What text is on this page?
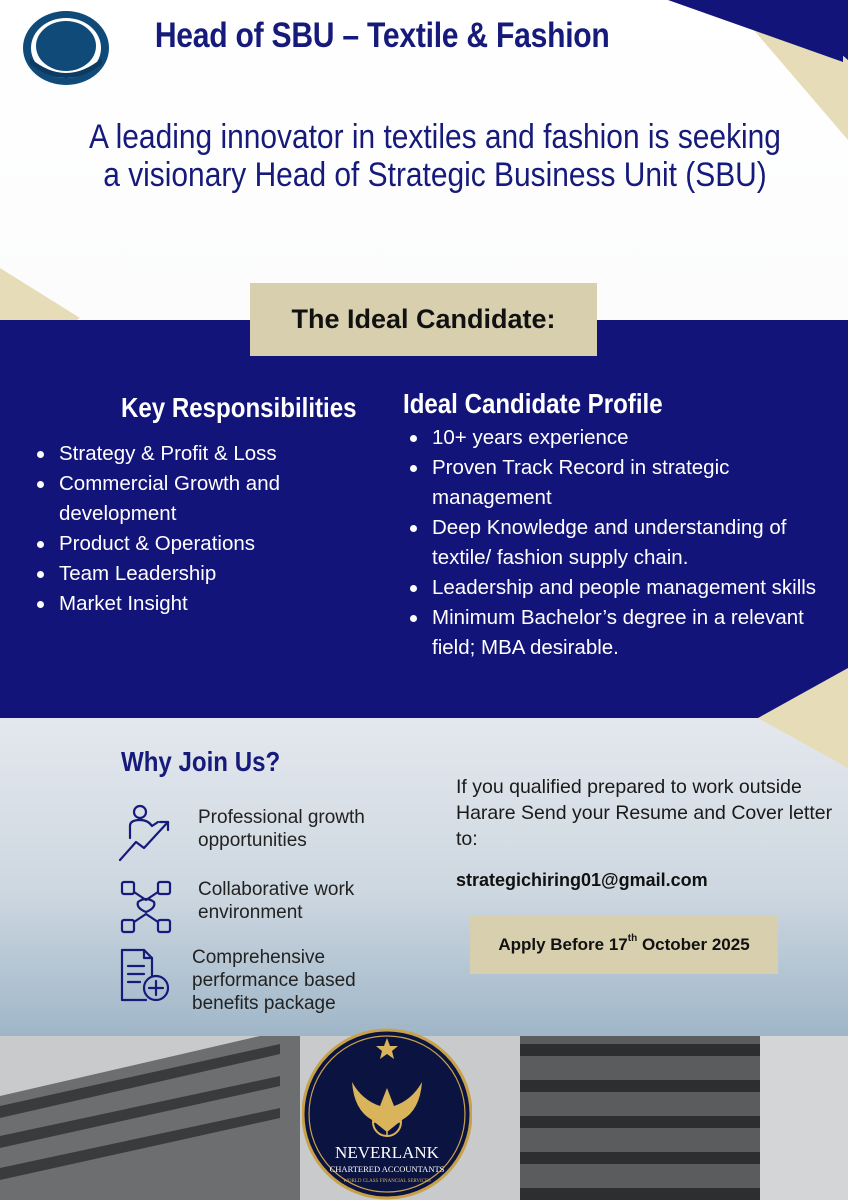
Head of SBU – Textile & Fashion
A leading innovator in textiles and fashion is seeking a visionary Head of Strategic Business Unit (SBU)
The Ideal Candidate:
Key Responsibilities Ideal Candidate Profile
Strategy & Profit & Loss
Commercial Growth and development
Product & Operations
Team Leadership
Market Insight
10+ years experience
Proven Track Record in strategic management
Deep Knowledge and understanding of textile/ fashion supply chain.
Leadership and people management skills
Minimum Bachelor’s degree in a relevant field; MBA desirable.
Why Join Us?
Professional growth opportunities
Collaborative work environment
Comprehensive performance based benefits package
If you qualified prepared to work outside Harare Send your Resume and Cover letter to:
strategichiring01@gmail.com
Apply Before 17th October 2025
NEVERLANK
CHARTERED ACCOUNTANTS
WORLD CLASS FINANCIAL SERVICES
